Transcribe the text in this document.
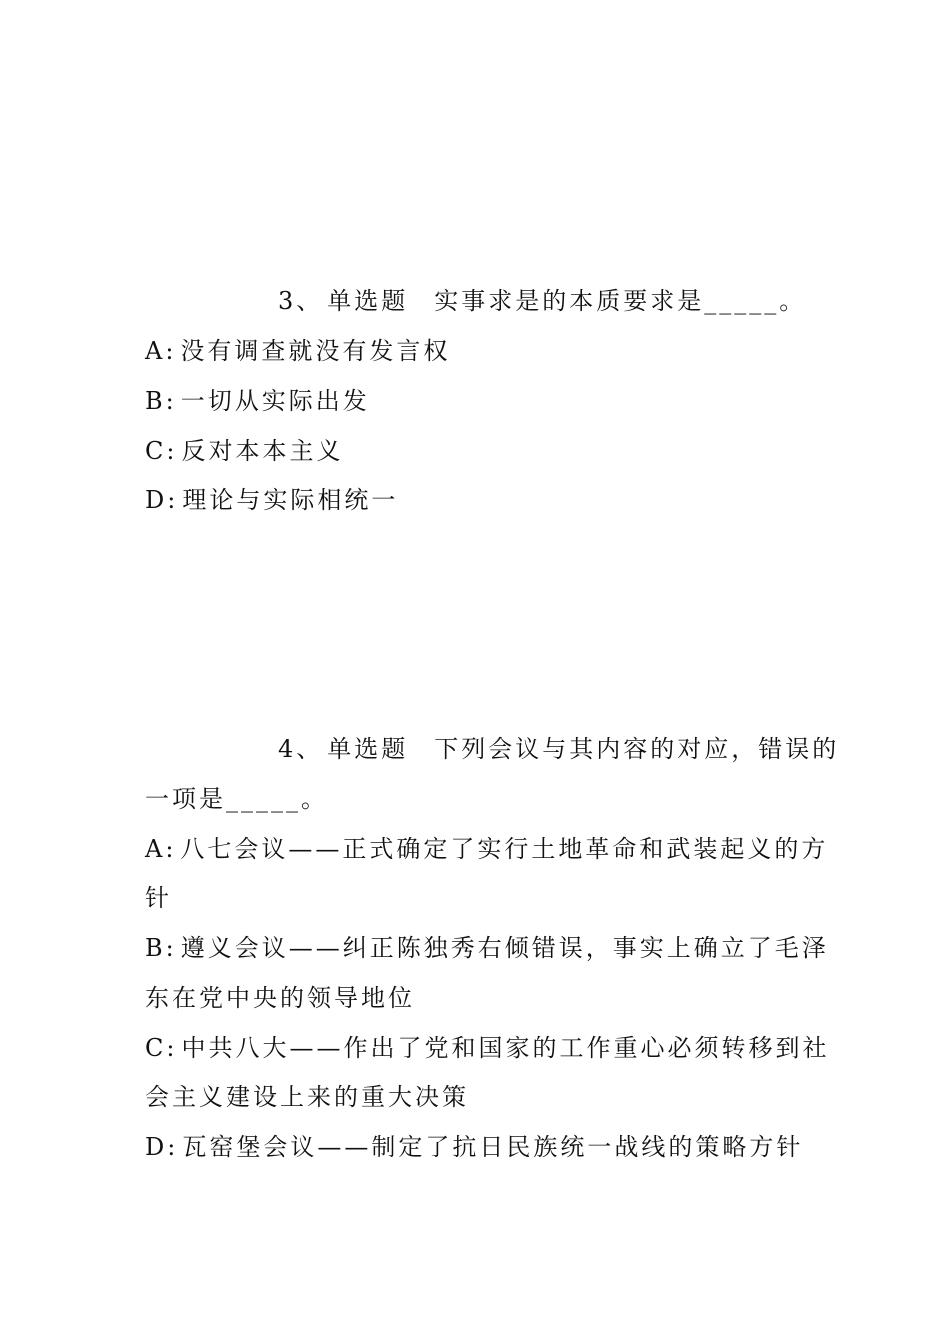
3、 单选题 实事求是的本质要求是_____。
A: 没有调查就没有发言权
B: 一切从实际出发
C: 反对本本主义
D: 理论与实际相统一
4、 单选题 下列会议与其内容的对应，错误的
一项是_____。
A: 八七会议——正式确定了实行土地革命和武装起义的方
针
B: 遵义会议——纠正陈独秀右倾错误，事实上确立了毛泽
东在党中央的领导地位
C: 中共八大——作出了党和国家的工作重心必须转移到社
会主义建设上来的重大决策
D: 瓦窑堡会议——制定了抗日民族统一战线的策略方针
